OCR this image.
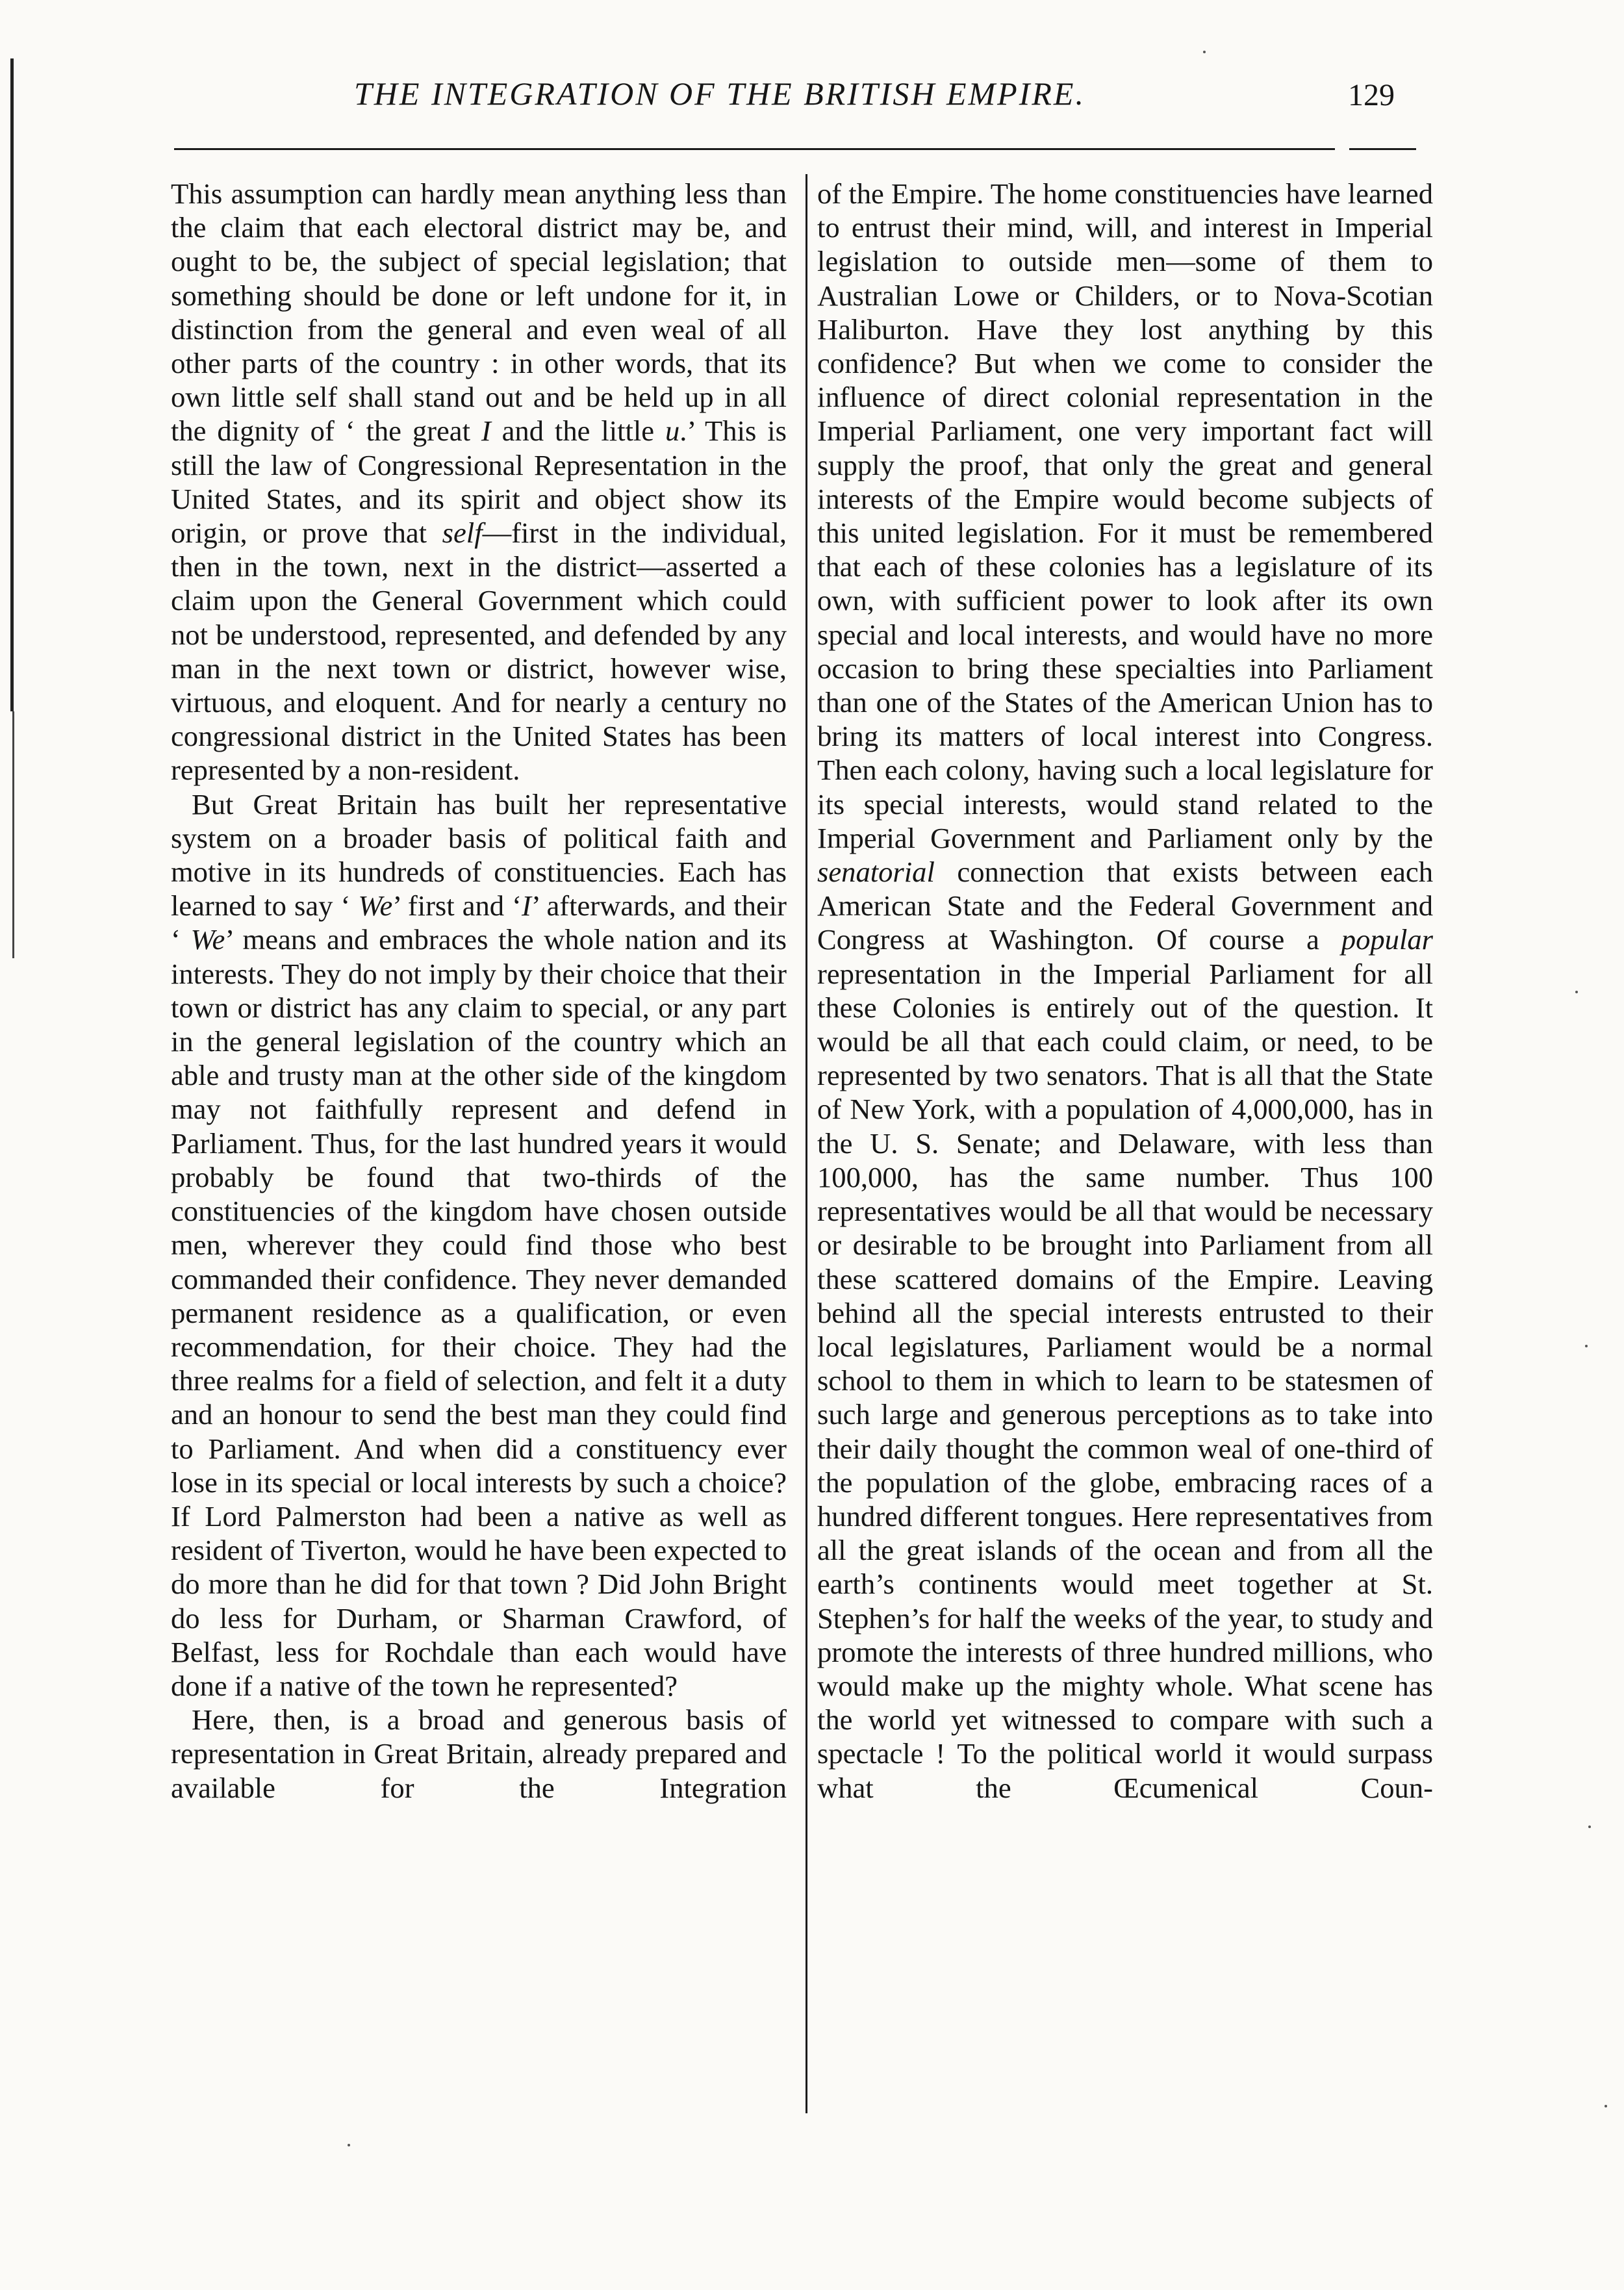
THE INTEGRATION OF THE BRITISH EMPIRE.	129

This assumption can hardly mean anything less than the claim that each electoral district may be, and ought to be, the subject of special legislation; that something should be done or left undone for it, in distinction from the general and even weal of all other parts of the country : in other words, that its own little self shall stand out and be held up in all the dignity of ‘ the great I and the little u.’ This is still the law of Congressional Representation in the United States, and its spirit and object show its origin, or prove that self—first in the individual, then in the town, next in the district—asserted a claim upon the General Government which could not be understood, represented, and defended by any man in the next town or district, however wise, virtuous, and eloquent. And for nearly a century no congressional district in the United States has been represented by a non-resident.

But Great Britain has built her representative system on a broader basis of political faith and motive in its hundreds of constituencies. Each has learned to say ‘ We’ first and ‘I’ afterwards, and their ‘ We’ means and embraces the whole nation and its interests. They do not imply by their choice that their town or district has any claim to special, or any part in the general legislation of the country which an able and trusty man at the other side of the kingdom may not faithfully represent and defend in Parliament. Thus, for the last hundred years it would probably be found that two-thirds of the constituencies of the kingdom have chosen outside men, wherever they could find those who best commanded their confidence. They never demanded permanent residence as a qualification, or even recommendation, for their choice. They had the three realms for a field of selection, and felt it a duty and an honour to send the best man they could find to Parliament. And when did a constituency ever lose in its special or local interests by such a choice? If Lord Palmerston had been a native as well as resident of Tiverton, would he have been expected to do more than he did for that town ? Did John Bright do less for Durham, or Sharman Crawford, of Belfast, less for Rochdale than each would have done if a native of the town he represented?

Here, then, is a broad and generous basis of representation in Great Britain, already prepared and available for the Integration

of the Empire. The home constituencies have learned to entrust their mind, will, and interest in Imperial legislation to outside men—some of them to Australian Lowe or Childers, or to Nova-Scotian Haliburton. Have they lost anything by this confidence? But when we come to consider the influence of direct colonial representation in the Imperial Parliament, one very important fact will supply the proof, that only the great and general interests of the Empire would become subjects of this united legislation. For it must be remembered that each of these colonies has a legislature of its own, with sufficient power to look after its own special and local interests, and would have no more occasion to bring these specialties into Parliament than one of the States of the American Union has to bring its matters of local interest into Congress. Then each colony, having such a local legislature for its special interests, would stand related to the Imperial Government and Parliament only by the senatorial connection that exists between each American State and the Federal Government and Congress at Washington. Of course a popular representation in the Imperial Parliament for all these Colonies is entirely out of the question. It would be all that each could claim, or need, to be represented by two senators. That is all that the State of New York, with a population of 4,000,000, has in the U. S. Senate; and Delaware, with less than 100,000, has the same number. Thus 100 representatives would be all that would be necessary or desirable to be brought into Parliament from all these scattered domains of the Empire. Leaving behind all the special interests entrusted to their local legislatures, Parliament would be a normal school to them in which to learn to be statesmen of such large and generous perceptions as to take into their daily thought the common weal of one-third of the population of the globe, embracing races of a hundred different tongues. Here representatives from all the great islands of the ocean and from all the earth’s continents would meet together at St. Stephen’s for half the weeks of the year, to study and promote the interests of three hundred millions, who would make up the mighty whole. What scene has the world yet witnessed to compare with such a spectacle ! To the political world it would surpass what the Œcumenical Coun-
